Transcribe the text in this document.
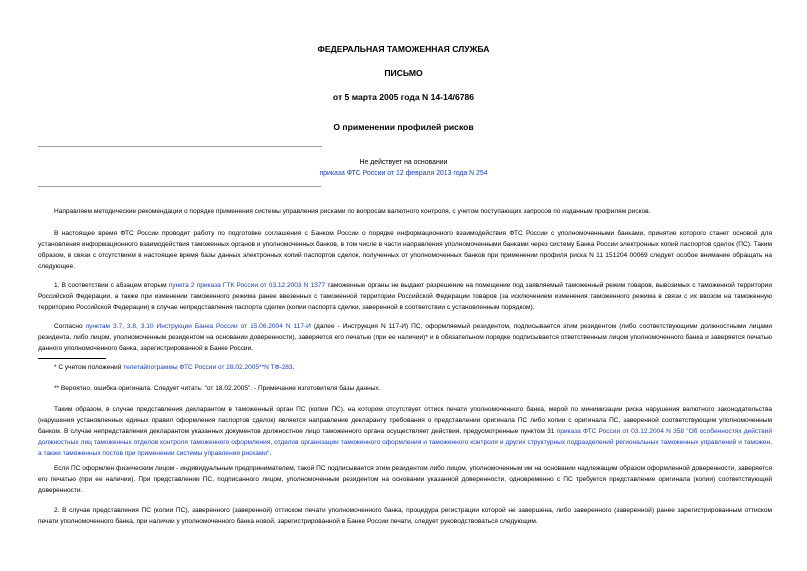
ФЕДЕРАЛЬНАЯ ТАМОЖЕННАЯ СЛУЖБА
ПИСЬМО
от 5 марта 2005 года N 14-14/6786
О применении профилей рисков
Не действует на основании
приказа ФТС России от 12 февраля 2013 года N 254
Направляем методические рекомендации о порядке применения системы управления рисками по вопросам валютного контроля, с учетом поступающих запросов по изданным профилям рисков.
В настоящее время ФТС России проводит работу по подготовке соглашения с Банком России о порядке информационного взаимодействия ФТС России с уполномоченными банками, принятие которого станет основой для установления информационного взаимодействия таможенных органов и уполномоченных банков, в том числе в части направления уполномоченными банками через систему Банка России электронных копий паспортов сделок (ПС). Таким образом, в связи с отсутствием в настоящее время базы данных электронных копий паспортов сделок, полученных от уполномоченных банков при применении профиля риска N 11 151204 00069 следует особое внимание обращать на следующее.
1. В соответствии с абзацем вторым пункта 2 приказа ГТК России от 03.12.2003 N 1377 таможенные органы не выдают разрешение на помещение под заявляемый таможенный режим товаров, вывозимых с таможенной территории Российской Федерации, а также при изменении таможенного режима ранее ввезенных с таможенной территории Российской Федерации товаров (за исключением изменения таможенного режима в связи с их ввозом на таможенную территорию Российской Федерации) в случае непредставления паспорта сделки (копии паспорта сделки, заверенной в соответствии с установленным порядком).
Согласно пунктам 3.7, 3.8, 3.10 Инструкции Банка России от 15.06.2004 N 117-И (далее - Инструкция N 117-И) ПС, оформляемый резидентом, подписывается этим резидентом (либо соответствующими должностными лицами резидента, либо лицом, уполномоченным резидентом на основании доверенности), заверяется его печатью (при ее наличии)* и в обязательном порядке подписывается ответственным лицом уполномоченного банка и заверяется печатью данного уполномоченного банка, зарегистрированной в Банке России.
* С учетом положений телетайпограммы ФТС России от 28.02.2005**N ТФ-283.
** Вероятно, ошибка оригинала. Следует читать: "от 18.02.2005". - Примечание изготовителя базы данных.
Таким образом, в случае представления декларантом в таможенный орган ПС (копии ПС), на котором отсутствует оттиск печати уполномоченного банка, мерой по минимизации риска нарушения валютного законодательства (нарушения установленных единых правил оформления паспортов сделок) является направление декларанту требования о представлении оригинала ПС либо копии с оригинала ПС, заверенной соответствующим уполномоченным банком. В случае непредставления декларантом указанных документов должностное лицо таможенного органа осуществляет действия, предусмотренные пунктом 31 приказа ФТС России от 03.12.2004 N 358 "Об особенностях действий должностных лиц таможенных отделов контроля таможенного оформления, отделов организации таможенного оформления и таможенного контроля и других структурных подразделений региональных таможенных управлений и таможен, а также таможенных постов при применении системы управления рисками".
Если ПС оформлен физическим лицом - индивидуальным предпринимателем, такой ПС подписывается этим резидентом либо лицом, уполномоченным им на основании надлежащим образом оформленной доверенности, заверяется его печатью (при ее наличии). При представлении ПС, подписанного лицом, уполномоченным резидентом на основании указанной доверенности, одновременно с ПС требуется представление оригинала (копии) соответствующей доверенности.
2. В случае представления ПС (копии ПС), заверенного (заверенной) оттиском печати уполномоченного банка, процедура регистрации которой не завершена, либо заверенного (заверенной) ранее зарегистрированным оттиском печати уполномоченного банка, при наличии у уполномоченного банка новой, зарегистрированной в Банке России печати, следует руководствоваться следующим.
